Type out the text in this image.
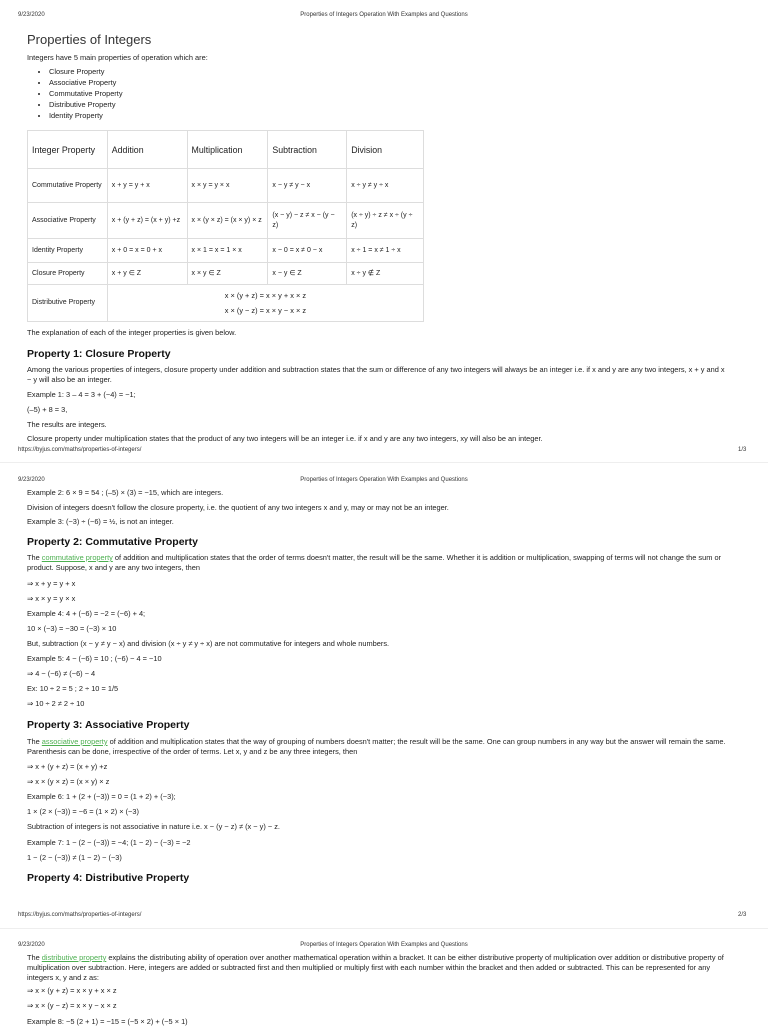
9/23/2020	Properties of Integers Operation With Examples and Questions
Properties of Integers
Integers have 5 main properties of operation which are:
• Closure Property
• Associative Property
• Commutative Property
• Distributive Property
• Identity Property
Integer Property	Addition	Multiplication	Subtraction	Division
Commutative Property	x + y = y + x	x × y = y × x	x − y ≠ y − x	x ÷ y ≠ y ÷ x
Associative Property	x + (y + z) = (x + y) +z	x × (y × z) = (x × y) × z	(x − y) − z ≠ x − (y − z)	(x ÷ y) ÷ z ≠ x ÷ (y ÷ z)
Identity Property	x + 0 = x = 0 + x	x × 1 = x = 1 × x	x − 0 = x ≠ 0 − x	x ÷ 1 = x ≠ 1 ÷ x
Closure Property	x + y ∈ Z	x × y ∈ Z	x − y ∈ Z	x ÷ y ∉ Z
Distributive Property	x × (y + z) = x × y + x × z
x × (y − z) = x × y − x × z			
The explanation of each of the integer properties is given below.
Property 1: Closure Property
Among the various properties of integers, closure property under addition and subtraction states that the sum or difference of any two integers will always be an integer i.e. if x and y are any two integers, x + y and x − y will also be an integer.
Example 1: 3 – 4 = 3 + (−4) = −1;
(–5) + 8 = 3,
The results are integers.
Closure property under multiplication states that the product of any two integers will be an integer i.e. if x and y are any two integers, xy will also be an integer.
https://byjus.com/maths/properties-of-integers/	1/3
9/23/2020	Properties of Integers Operation With Examples and Questions
Example 2: 6 × 9 = 54 ; (–5) × (3) = −15, which are integers.
Division of integers doesn't follow the closure property, i.e. the quotient of any two integers x and y, may or may not be an integer.
Example 3: (−3) ÷ (−6) = ½, is not an integer.
Property 2: Commutative Property
The commutative property of addition and multiplication states that the order of terms doesn't matter, the result will be the same. Whether it is addition or multiplication, swapping of terms will not change the sum or product. Suppose, x and y are any two integers, then
⇒ x + y = y + x
⇒ x × y = y × x
Example 4: 4 + (−6) = −2 = (−6) + 4;
10 × (−3) = −30 = (−3) × 10
But, subtraction (x − y ≠ y − x) and division (x ÷ y ≠ y ÷ x) are not commutative for integers and whole numbers.
Example 5: 4 − (−6) = 10 ; (−6) − 4 = −10
⇒ 4 − (−6) ≠ (−6) − 4
Ex: 10 ÷ 2 = 5 ; 2 ÷ 10 = 1/5
⇒ 10 ÷ 2 ≠ 2 ÷ 10
Property 3: Associative Property
The associative property of addition and multiplication states that the way of grouping of numbers doesn't matter; the result will be the same. One can group numbers in any way but the answer will remain the same. Parenthesis can be done, irrespective of the order of terms. Let x, y and z be any three integers, then
⇒ x + (y + z) = (x + y) +z
⇒ x × (y × z) = (x × y) × z
Example 6: 1 + (2 + (−3)) = 0 = (1 + 2) + (−3);
1 × (2 × (−3)) = −6 = (1 × 2) × (−3)
Subtraction of integers is not associative in nature i.e. x − (y − z) ≠ (x − y) − z.
Example 7: 1 − (2 − (−3)) = −4; (1 − 2) − (−3) = −2
1 − (2 − (−3)) ≠ (1 − 2) − (−3)
Property 4: Distributive Property
https://byjus.com/maths/properties-of-integers/	2/3
9/23/2020	Properties of Integers Operation With Examples and Questions
The distributive property explains the distributing ability of operation over another mathematical operation within a bracket. It can be either distributive property of multiplication over addition or distributive property of multiplication over subtraction. Here, integers are added or subtracted first and then multiplied or multiply first with each number within the bracket and then added or subtracted. This can be represented for any integers x, y and z as:
⇒ x × (y + z) = x × y + x × z
⇒ x × (y − z) = x × y − x × z
Example 8: −5 (2 + 1) = −15 = (−5 × 2) + (−5 × 1)
